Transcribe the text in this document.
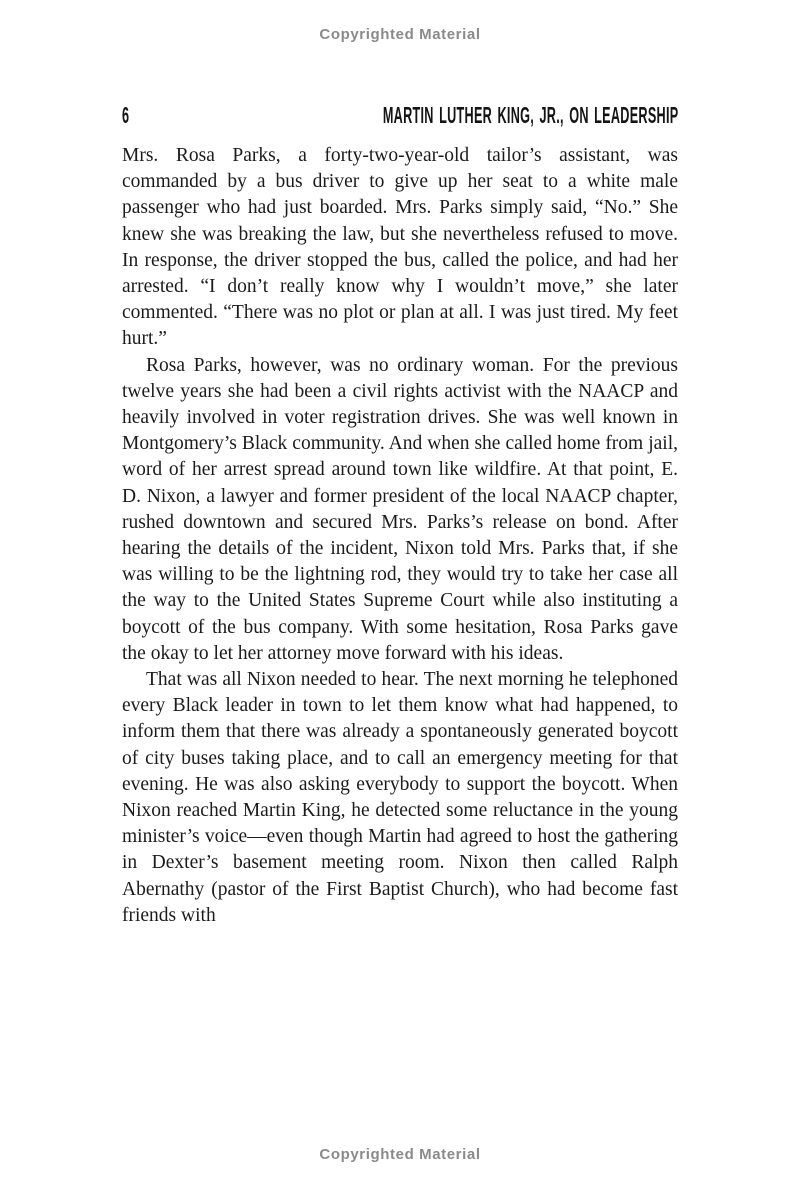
Copyrighted Material
6	MARTIN LUTHER KING, JR., ON LEADERSHIP

Mrs. Rosa Parks, a forty-two-year-old tailor’s assistant, was commanded by a bus driver to give up her seat to a white male passenger who had just boarded. Mrs. Parks simply said, “No.” She knew she was breaking the law, but she nevertheless refused to move. In response, the driver stopped the bus, called the police, and had her arrested. “I don’t really know why I wouldn’t move,” she later commented. “There was no plot or plan at all. I was just tired. My feet hurt.”

Rosa Parks, however, was no ordinary woman. For the previous twelve years she had been a civil rights activist with the NAACP and heavily involved in voter registration drives. She was well known in Montgomery’s Black community. And when she called home from jail, word of her arrest spread around town like wildfire. At that point, E. D. Nixon, a lawyer and former president of the local NAACP chapter, rushed downtown and secured Mrs. Parks’s release on bond. After hearing the details of the incident, Nixon told Mrs. Parks that, if she was willing to be the lightning rod, they would try to take her case all the way to the United States Supreme Court while also instituting a boycott of the bus company. With some hesitation, Rosa Parks gave the okay to let her attorney move forward with his ideas.

That was all Nixon needed to hear. The next morning he telephoned every Black leader in town to let them know what had happened, to inform them that there was already a spontaneously generated boycott of city buses taking place, and to call an emergency meeting for that evening. He was also asking everybody to support the boycott. When Nixon reached Martin King, he detected some reluctance in the young minister’s voice—even though Martin had agreed to host the gathering in Dexter’s basement meeting room. Nixon then called Ralph Abernathy (pastor of the First Baptist Church), who had become fast friends with

Copyrighted Material
